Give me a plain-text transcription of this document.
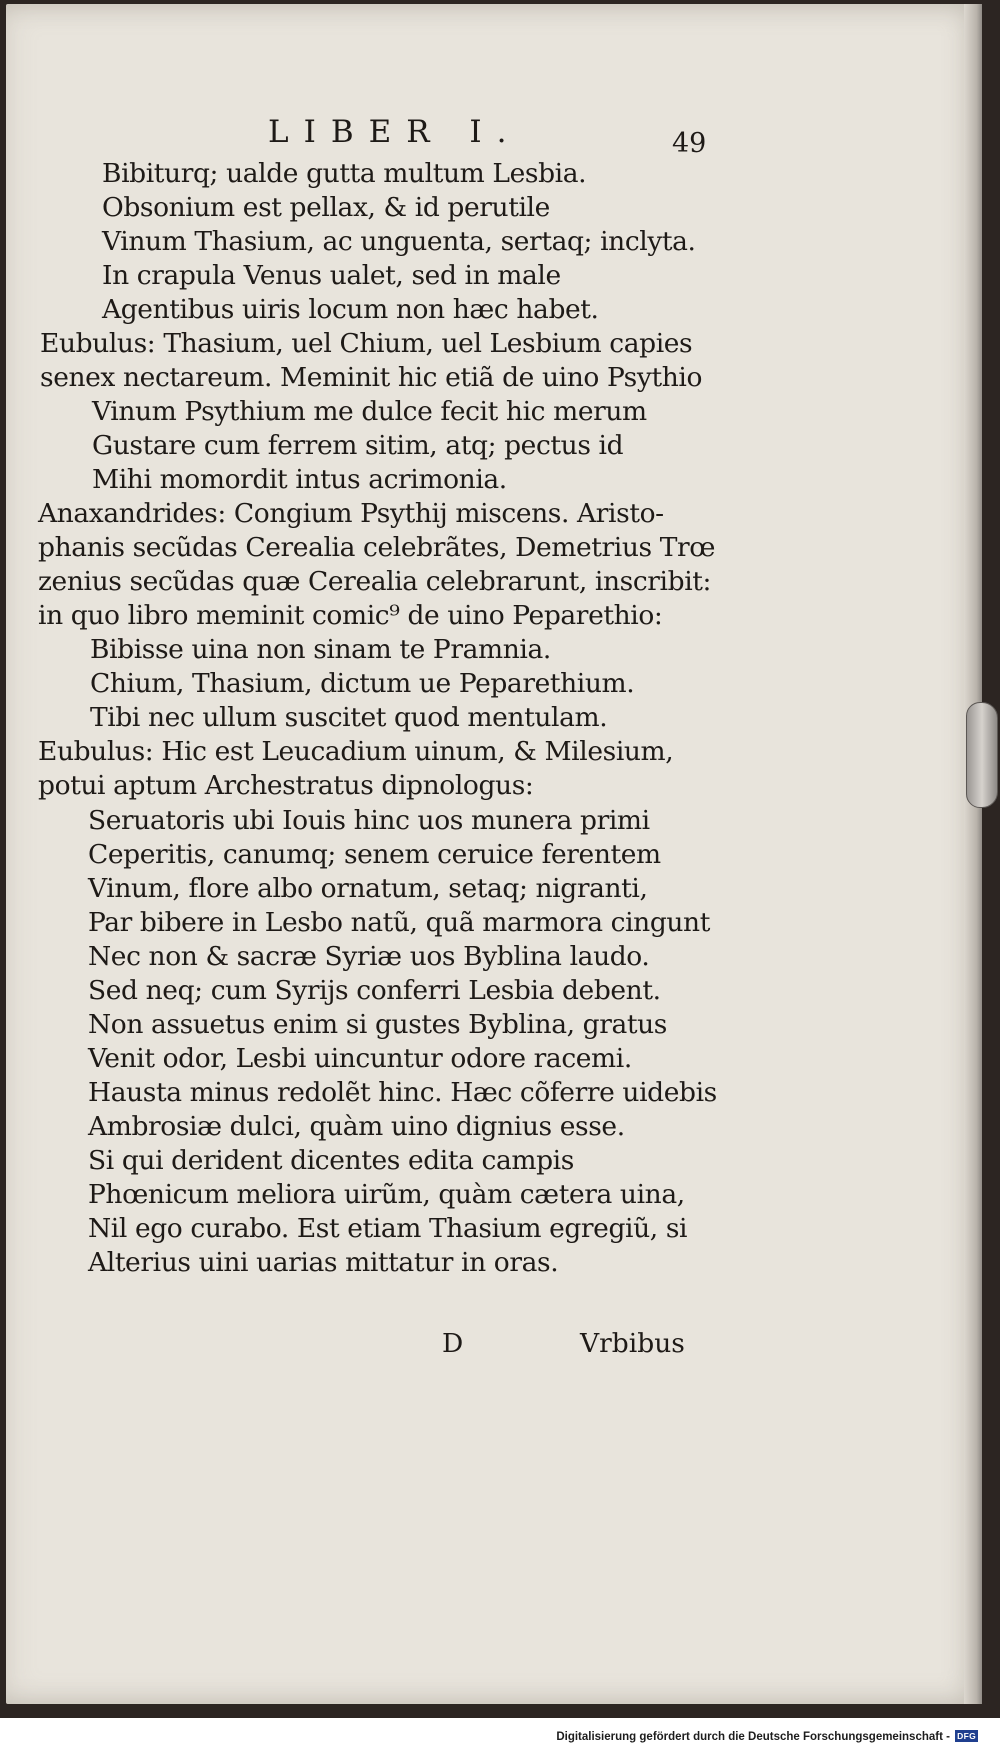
LIBER I.	49
Bibiturq; ualde gutta multum Lesbia.
Obsonium est pellax, & id perutile
Vinum Thasium, ac unguenta, sertaq; inclyta.
In crapula Venus ualet, sed in male
Agentibus uiris locum non hæc habet.
Eubulus: Thasium, uel Chium, uel Lesbium capies
senex nectareum. Meminit hic etiã de uino Psythio
Vinum Psythium me dulce fecit hic merum
Gustare cum ferrem sitim, atq; pectus id
Mihi momordit intus acrimonia.
Anaxandrides: Congium Psythij miscens. Aristo-
phanis secũdas Cerealia celebrãtes, Demetrius Trœ
zenius secũdas quæ Cerealia celebrarunt, inscribit:
in quo libro meminit comic⁹ de uino Peparethio:
Bibisse uina non sinam te Pramnia.
Chium, Thasium, dictum ue Peparethium.
Tibi nec ullum suscitet quod mentulam.
Eubulus: Hic est Leucadium uinum, & Milesium,
potui aptum Archestratus dipnologus:
Seruatoris ubi Iouis hinc uos munera primi
Ceperitis, canumq; senem ceruice ferentem
Vinum, flore albo ornatum, setaq; nigranti,
Par bibere in Lesbo natũ, quã marmora cingunt
Nec non & sacræ Syriæ uos Byblina laudo.
Sed neq; cum Syrijs conferri Lesbia debent.
Non assuetus enim si gustes Byblina, gratus
Venit odor, Lesbi uincuntur odore racemi.
Hausta minus redolẽt hinc. Hæc cõferre uidebis
Ambrosiæ dulci, quàm uino dignius esse.
Si qui derident dicentes edita campis
Phœnicum meliora uirũm, quàm cætera uina,
Nil ego curabo. Est etiam Thasium egregiũ, si
Alterius uini uarias mittatur in oras.
D	Vrbibus
Digitalisierung gefördert durch die Deutsche Forschungsgemeinschaft - DFG
